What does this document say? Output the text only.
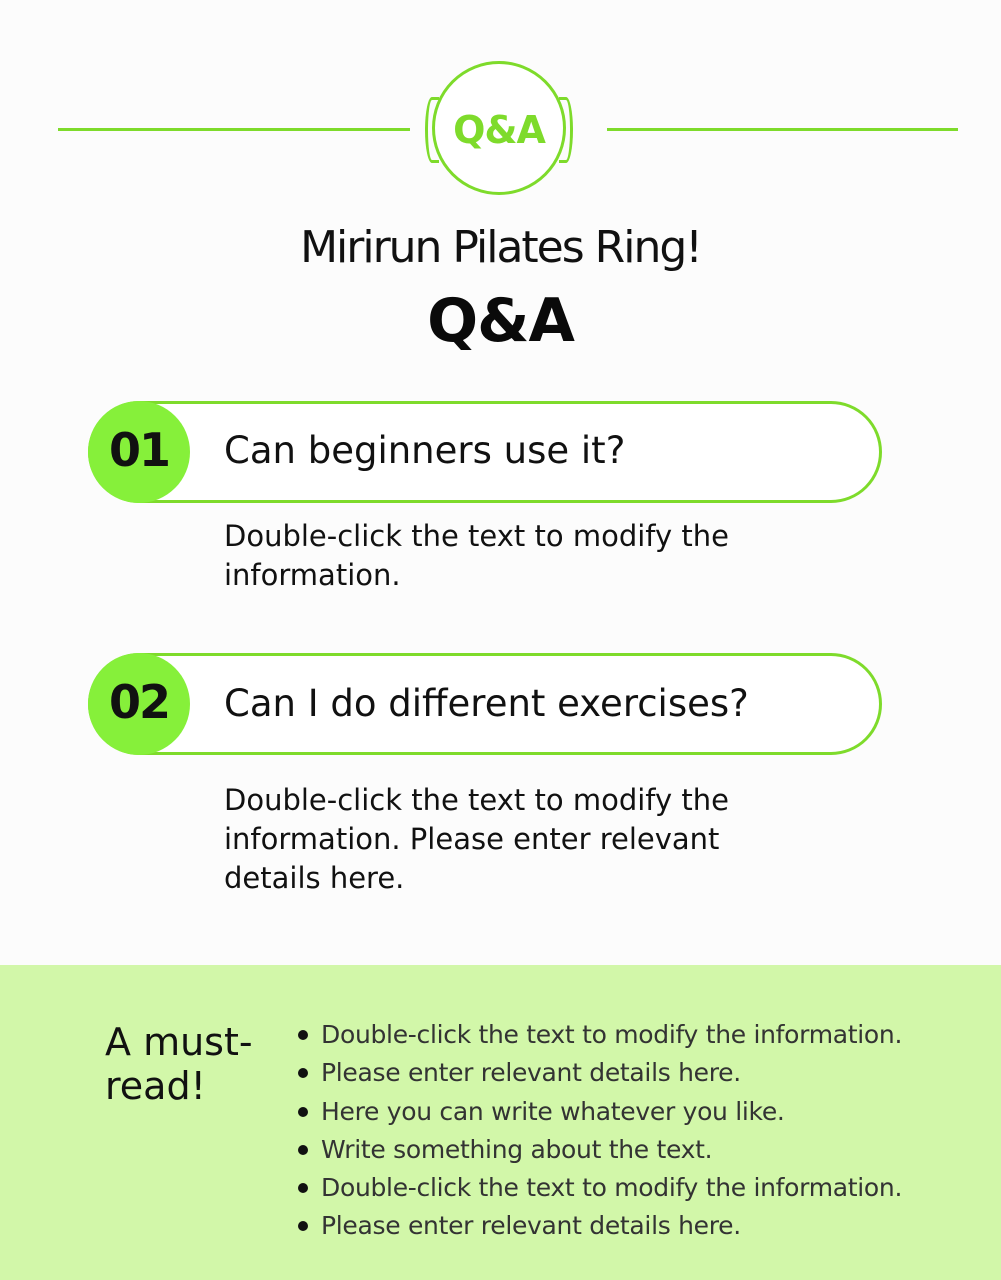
Q&A
Mirirun Pilates Ring!
Q&A
01	Can beginners use it?
Double-click the text to modify the information.
02	Can I do different exercises?
Double-click the text to modify the information. Please enter relevant details here.
A must-read!
Double-click the text to modify the information.
Please enter relevant details here.
Here you can write whatever you like.
Write something about the text.
Double-click the text to modify the information.
Please enter relevant details here.
